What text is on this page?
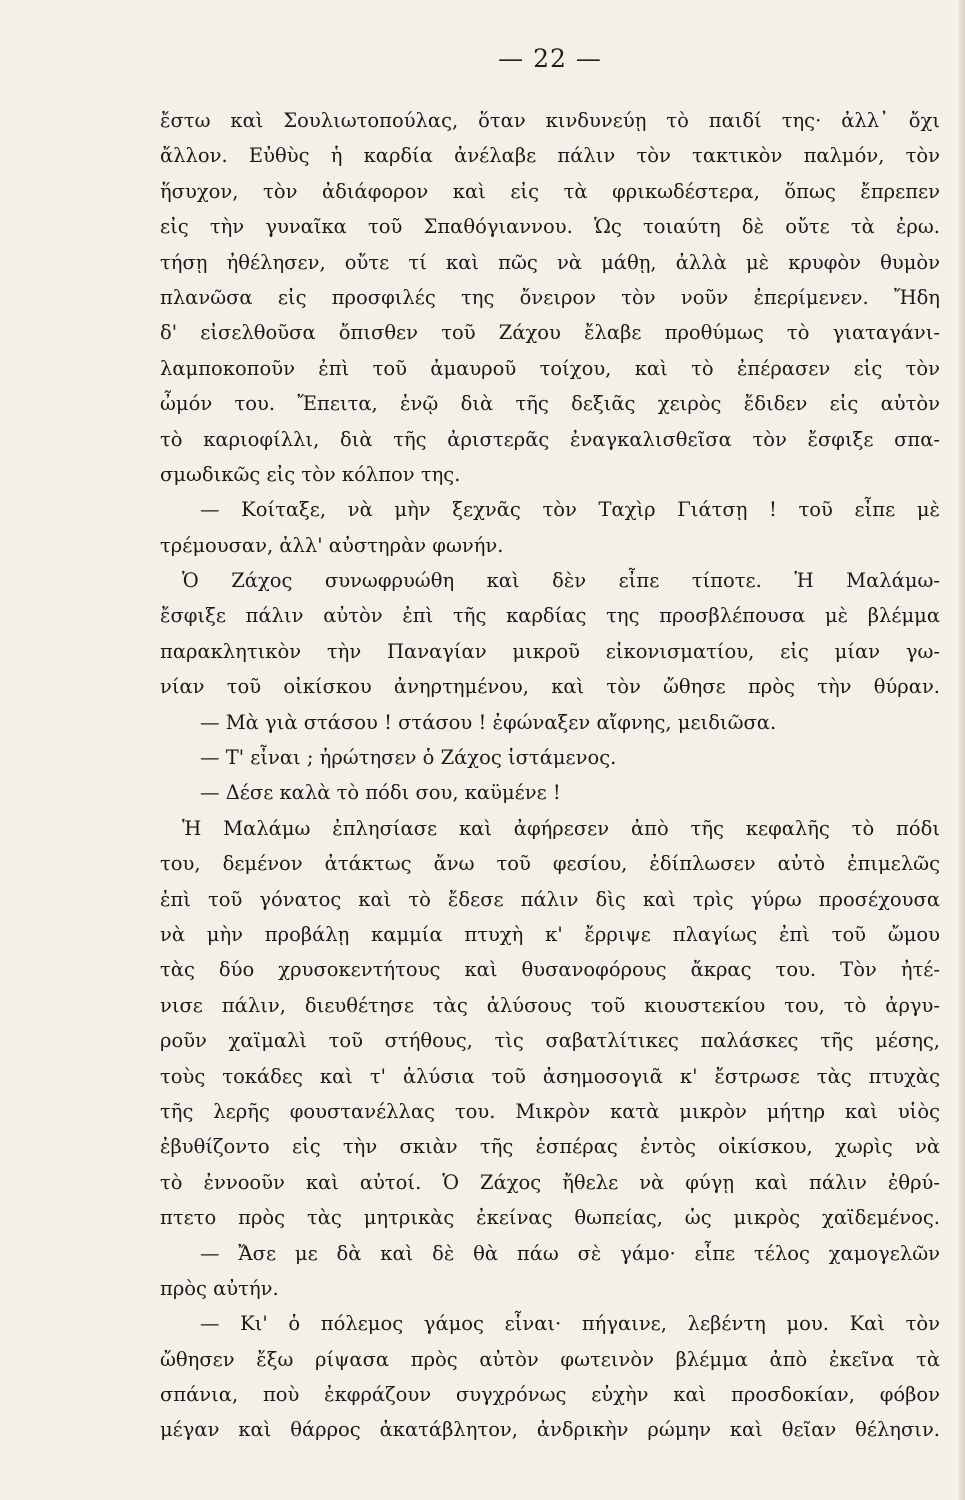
— 22 —
ἔστω καὶ Σουλιωτοπούλας, ὅταν κινδυνεύῃ τὸ παιδί της· ἀλλ᾽ ὄχι
ἄλλον. Εὐθὺς ἡ καρδία ἀνέλαβε πάλιν τὸν τακτικὸν παλμόν, τὸν
ἥσυχον, τὸν ἀδιάφορον καὶ εἰς τὰ φρικωδέστερα, ὅπως ἔπρεπεν
εἰς τὴν γυναῖκα τοῦ Σπαθόγιαννου. Ὡς τοιαύτη δὲ οὔτε τὰ ἐρω.
τήσῃ ἠθέλησεν, οὔτε τί καὶ πῶς νὰ μάθῃ, ἀλλὰ μὲ κρυφὸν θυμὸν
πλανῶσα εἰς προσφιλές της ὄνειρον τὸν νοῦν ἐπερίμενεν. Ἤδη
δ' εἰσελθοῦσα ὄπισθεν τοῦ Ζάχου ἔλαβε προθύμως τὸ γιαταγάνι-
λαμποκοποῦν ἐπὶ τοῦ ἀμαυροῦ τοίχου, καὶ τὸ ἐπέρασεν εἰς τὸν
ὦμόν του. Ἔπειτα, ἐνῷ διὰ τῆς δεξιᾶς χειρὸς ἔδιδεν εἰς αὐτὸν
τὸ καριοφίλλι, διὰ τῆς ἀριστερᾶς ἐναγκαλισθεῖσα τὸν ἔσφιξε σπα-
σμωδικῶς εἰς τὸν κόλπον της.
— Κοίταξε, νὰ μὴν ξεχνᾶς τὸν Ταχὶρ Γιάτσῃ ! τοῦ εἶπε μὲ
τρέμουσαν, ἀλλ' αὐστηρὰν φωνήν.
Ὁ Ζάχος συνωφρυώθη καὶ δὲν εἶπε τίποτε. Ἡ Μαλάμω-
ἔσφιξε πάλιν αὐτὸν ἐπὶ τῆς καρδίας της προσβλέπουσα μὲ βλέμμα
παρακλητικὸν τὴν Παναγίαν μικροῦ εἰκονισματίου, εἰς μίαν γω-
νίαν τοῦ οἰκίσκου ἀνηρτημένου, καὶ τὸν ὤθησε πρὸς τὴν θύραν.
— Μὰ γιὰ στάσου ! στάσου ! ἐφώναξεν αἴφνης, μειδιῶσα.
— Τ' εἶναι ; ἠρώτησεν ὁ Ζάχος ἱστάμενος.
— Δέσε καλὰ τὸ πόδι σου, καϋμένε !
Ἡ Μαλάμω ἐπλησίασε καὶ ἀφήρεσεν ἀπὸ τῆς κεφαλῆς τὸ πόδι
του, δεμένον ἀτάκτως ἄνω τοῦ φεσίου, ἐδίπλωσεν αὐτὸ ἐπιμελῶς
ἐπὶ τοῦ γόνατος καὶ τὸ ἔδεσε πάλιν δὶς καὶ τρὶς γύρω προσέχουσα
νὰ μὴν προβάλῃ καμμία πτυχὴ κ' ἔρριψε πλαγίως ἐπὶ τοῦ ὤμου
τὰς δύο χρυσοκεντήτους καὶ θυσανοφόρους ἄκρας του. Τὸν ἠτέ-
νισε πάλιν, διευθέτησε τὰς ἀλύσους τοῦ κιουστεκίου του, τὸ ἀργυ-
ροῦν χαϊμαλὶ τοῦ στήθους, τὶς σαβατλίτικες παλάσκες τῆς μέσης,
τοὺς τοκάδες καὶ τ' ἀλύσια τοῦ ἀσημοσογιᾶ κ' ἔστρωσε τὰς πτυχὰς
τῆς λερῆς φουστανέλλας του. Μικρὸν κατὰ μικρὸν μήτηρ καὶ υἱὸς
ἐβυθίζοντο εἰς τὴν σκιὰν τῆς ἑσπέρας ἐντὸς οἰκίσκου, χωρὶς νὰ
τὸ ἐννοοῦν καὶ αὐτοί. Ὁ Ζάχος ἤθελε νὰ φύγῃ καὶ πάλιν ἐθρύ-
πτετο πρὸς τὰς μητρικὰς ἐκείνας θωπείας, ὡς μικρὸς χαϊδεμένος.
— Ἄσε με δὰ καὶ δὲ θὰ πάω σὲ γάμο· εἶπε τέλος χαμογελῶν
πρὸς αὐτήν.
— Κι' ὁ πόλεμος γάμος εἶναι· πήγαινε, λεβέντη μου. Καὶ τὸν
ὤθησεν ἔξω ρίψασα πρὸς αὐτὸν φωτεινὸν βλέμμα ἀπὸ ἐκεῖνα τὰ
σπάνια, ποὺ ἐκφράζουν συγχρόνως εὐχὴν καὶ προσδοκίαν, φόβον
μέγαν καὶ θάρρος ἀκατάβλητον, ἀνδρικὴν ρώμην καὶ θεῖαν θέλησιν.
